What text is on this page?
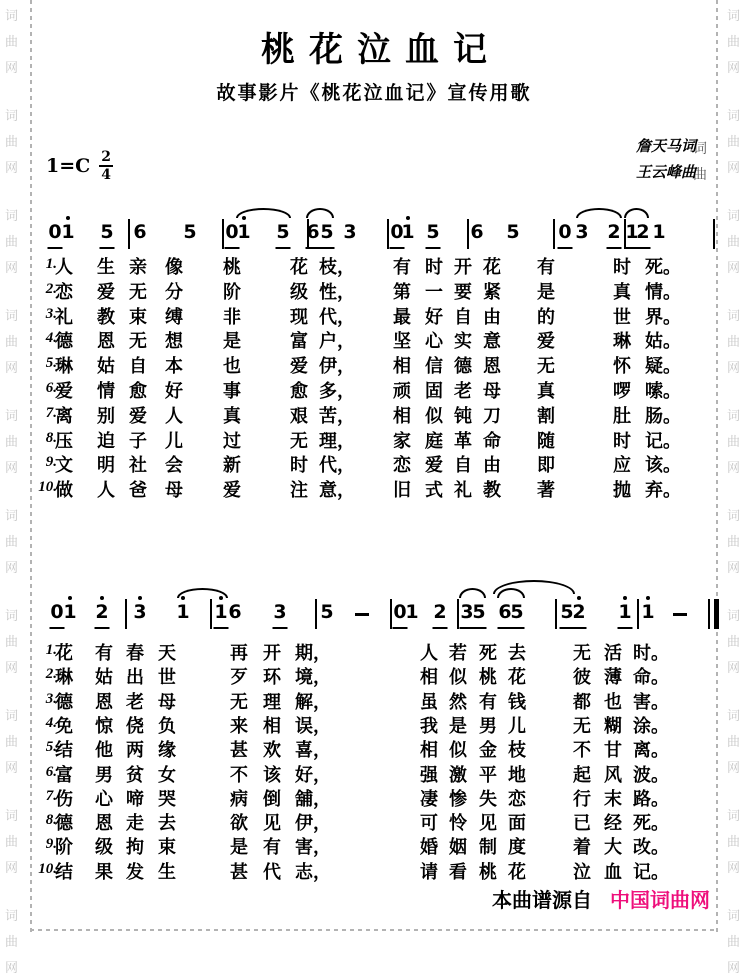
词
曲
网
词
曲
网
词
曲
网
词
曲
网
词
曲
网
词
曲
网
词
曲
网
词
曲
网
词
曲
网
词
曲
网
词
曲
网
词
曲
网
词
曲
网
词
曲
网
词
曲
网
词
曲
网
词
曲
网
词
曲
网
词
曲
网
词
曲
网
词
曲
桃花泣血记
故事影片《桃花泣血记》宣传用歌
$1=C \frac{2}{4}$
詹天马词
王云峰曲
0 1 5 6 5 0
1 5 6 5 3 0
1 5 6 5 0 3 2 1
2 1
1.
人 生 亲 像 桃	花 枝， 有 时 开 花 有	时 死。
2.
恋 爱 无 分 阶	级 性， 第 一 要 紧 是	真 情。
3.
礼 教 束 缚 非	现 代， 最 好 自 由 的	世 界。
4.
德 恩 无 想 是	富 户， 坚 心 实 意 爱	琳 姑。
5.
琳 姑 自 本 也	爱 伊， 相 信 德 恩 无	怀 疑。
6.
爱 情 愈 好 事	愈 多， 顽 固 老 母 真	啰 嗦。
7.
离 别 爱 人 真	艰 苦， 相 似 钝 刀 割	肚 肠。
8.
压 迫 子 儿 过	无 理， 家 庭 革 命 随	时 记。
9.
文 明 社 会 新	时 代， 恋 爱 自 由 即	应 该。
10.
做 人 爸 母 爱	注 意， 旧 式 礼 教 著	抛 弃。
0 1 2 3 1 1 6 3 5	0
1 2 3
5 6
5 5
2 1 1
1.
花 有 春 天	再 开 期，	人 若 死 去	无 活 时。
2.
琳 姑 出 世	歹 环 境，	相 似 桃 花	彼 薄 命。
3.
德 恩 老 母	无 理 解，	虽 然 有 钱	都 也 害。
4.
免 惊 侥 负	来 相 误，	我 是 男 儿	无 糊 涂。
5.
结 他 两 缘	甚 欢 喜，	相 似 金 枝	不 甘 离。
6.
富 男 贫 女	不 该 好，	强 激 平 地	起 风 波。
7.
伤 心 啼 哭	病 倒 舖，	凄 惨 失 恋	行 末 路。
8.
德 恩 走 去	欲 见 伊，	可 怜 见 面	已 经 死。
9.
阶 级 拘 束	是 有 害，	婚 姻 制 度	着 大 改。
10.
结 果 发 生	甚 代 志，	请 看 桃 花	泣 血 记。
本曲谱源自 中国词曲网
